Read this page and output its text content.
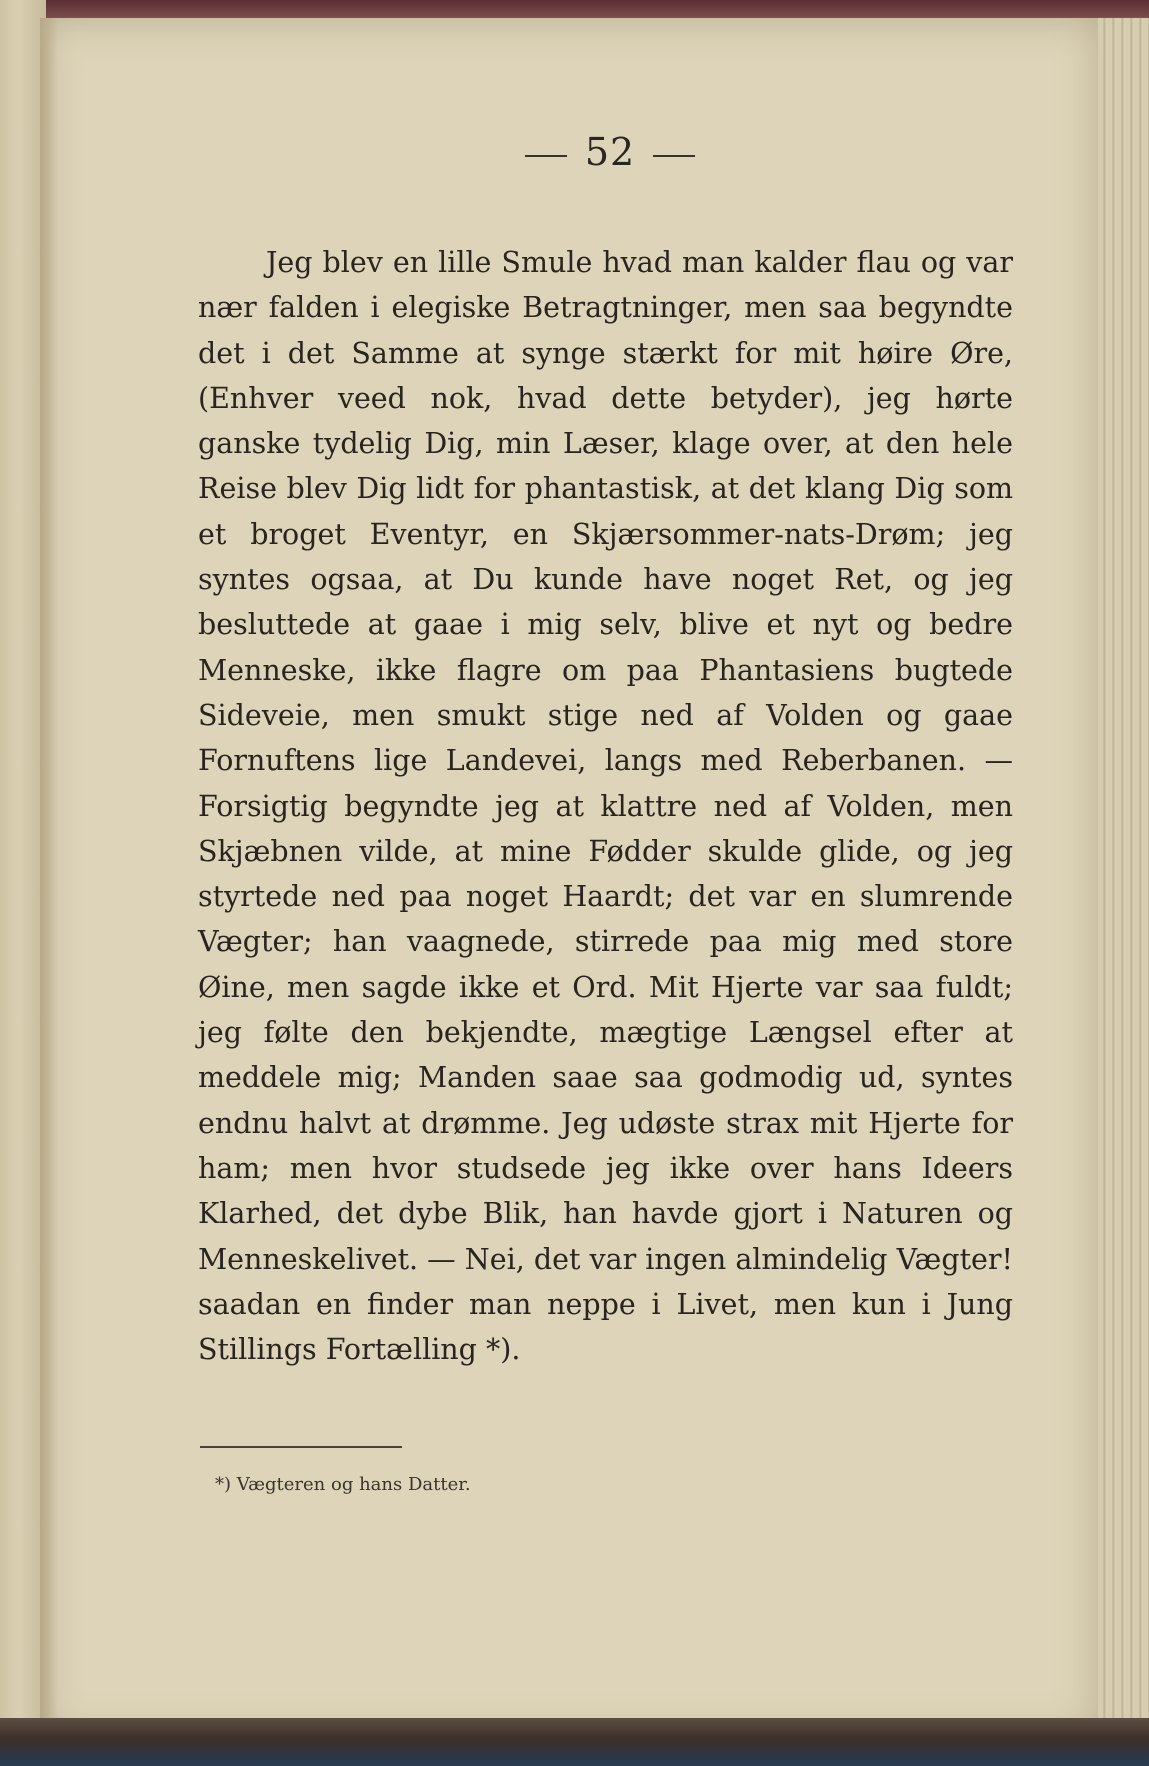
52
Jeg blev en lille Smule hvad man kalder flau og var nær falden i elegiske Betragtninger, men saa begyndte det i det Samme at synge stærkt for mit høire Øre, (Enhver veed nok, hvad dette betyder), jeg hørte ganske tydelig Dig, min Læser, klage over, at den hele Reise blev Dig lidt for phantastisk, at det klang Dig som et broget Eventyr, en Skjærsommer-nats-Drøm; jeg syntes ogsaa, at Du kunde have noget Ret, og jeg besluttede at gaae i mig selv, blive et nyt og bedre Menneske, ikke flagre om paa Phantasiens bugtede Sideveie, men smukt stige ned af Volden og gaae Fornuftens lige Landevei, langs med Reberbanen. — Forsigtig begyndte jeg at klattre ned af Volden, men Skjæbnen vilde, at mine Fødder skulde glide, og jeg styrtede ned paa noget Haardt; det var en slumrende Vægter; han vaagnede, stirrede paa mig med store Øine, men sagde ikke et Ord. Mit Hjerte var saa fuldt; jeg følte den bekjendte, mægtige Længsel efter at meddele mig; Manden saae saa godmodig ud, syntes endnu halvt at drømme. Jeg udøste strax mit Hjerte for ham; men hvor studsede jeg ikke over hans Ideers Klarhed, det dybe Blik, han havde gjort i Naturen og Menneskelivet. — Nei, det var ingen almindelig Vægter! saadan en finder man neppe i Livet, men kun i Jung Stillings Fortælling *).
*) Vægteren og hans Datter.
